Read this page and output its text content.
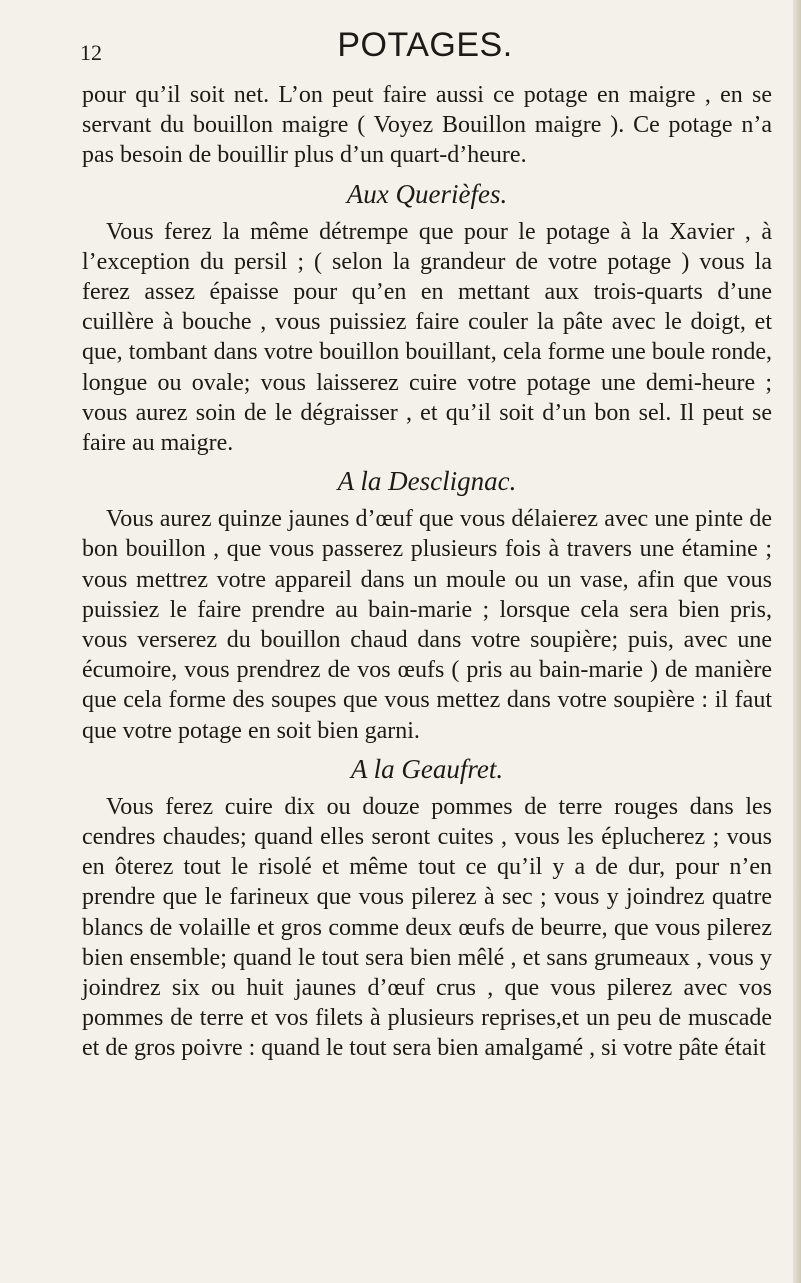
12	POTAGES.

pour qu’il soit net. L’on peut faire aussi ce potage en maigre , en se servant du bouillon maigre ( Voyez Bouillon maigre ). Ce potage n’a pas besoin de bouillir plus d’un quart-d’heure.

Aux Querièfes.

Vous ferez la même détrempe que pour le potage à la Xavier , à l’exception du persil ; ( selon la grandeur de votre potage ) vous la ferez assez épaisse pour qu’en en mettant aux trois-quarts d’une cuillère à bouche , vous puissiez faire couler la pâte avec le doigt, et que, tombant dans votre bouillon bouillant, cela forme une boule ronde, longue ou ovale; vous laisserez cuire votre potage une demi-heure ; vous aurez soin de le dégraisser , et qu’il soit d’un bon sel. Il peut se faire au maigre.

A la Desclignac.

Vous aurez quinze jaunes d’œuf que vous délaierez avec une pinte de bon bouillon , que vous passerez plusieurs fois à travers une étamine ; vous mettrez votre appareil dans un moule ou un vase, afin que vous puissiez le faire prendre au bain-marie ; lorsque cela sera bien pris, vous verserez du bouillon chaud dans votre soupière; puis, avec une écumoire, vous prendrez de vos œufs ( pris au bain-marie ) de manière que cela forme des soupes que vous mettez dans votre soupière : il faut que votre potage en soit bien garni.

A la Geaufret.

Vous ferez cuire dix ou douze pommes de terre rouges dans les cendres chaudes; quand elles seront cuites , vous les éplucherez ; vous en ôterez tout le risolé et même tout ce qu’il y a de dur, pour n’en prendre que le farineux que vous pilerez à sec ; vous y joindrez quatre blancs de volaille et gros comme deux œufs de beurre, que vous pilerez bien ensemble; quand le tout sera bien mêlé , et sans grumeaux , vous y joindrez six ou huit jaunes d’œuf crus , que vous pilerez avec vos pommes de terre et vos filets à plusieurs reprises,et un peu de muscade et de gros poivre : quand le tout sera bien amalgamé , si votre pâte était
